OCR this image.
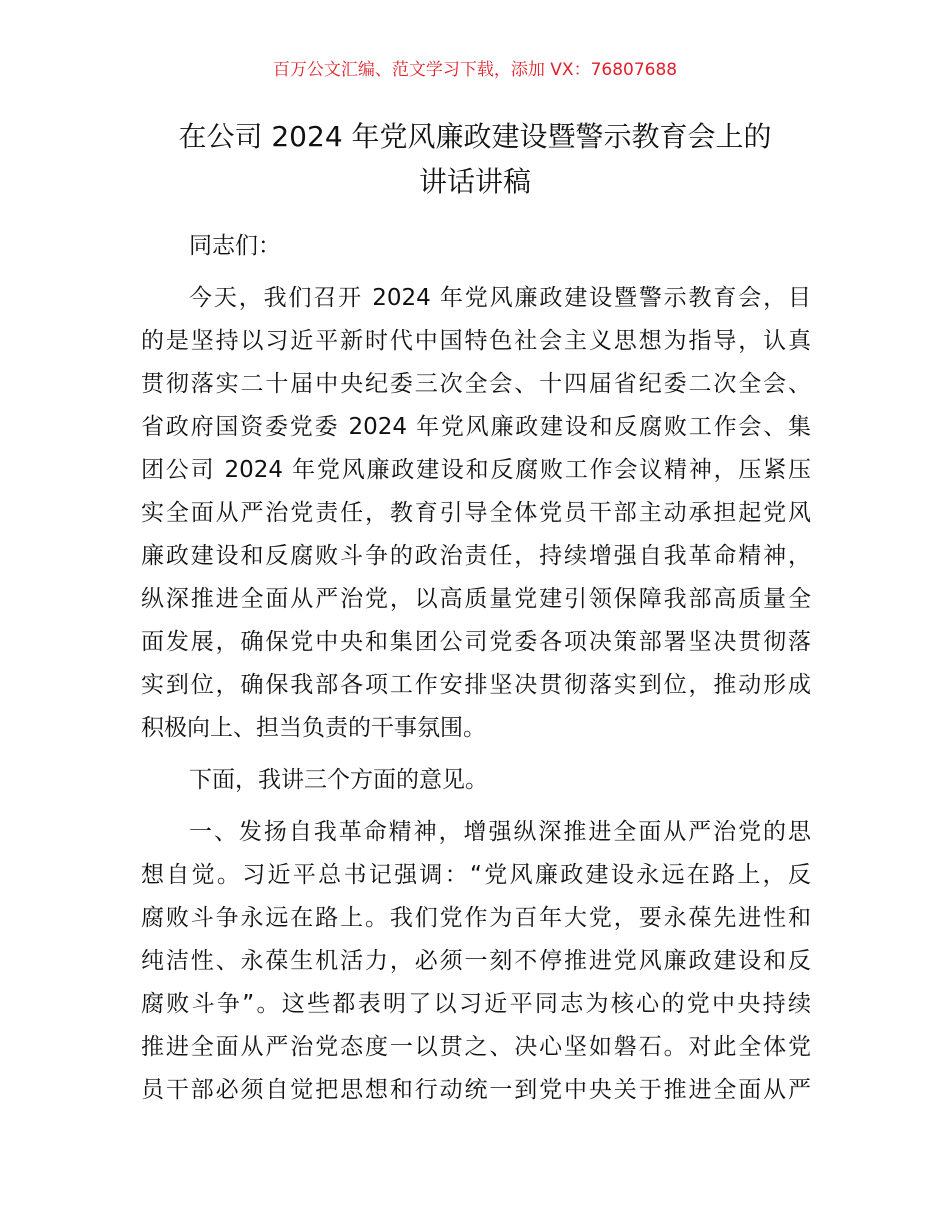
百万公文汇编、范文学习下载，添加 VX：76807688
在公司 2024 年党风廉政建设暨警示教育会上的
讲话讲稿
同志们：
今天，我们召开 2024 年党风廉政建设暨警示教育会，目
的是坚持以习近平新时代中国特色社会主义思想为指导，认真
贯彻落实二十届中央纪委三次全会、十四届省纪委二次全会、
省政府国资委党委 2024 年党风廉政建设和反腐败工作会、集
团公司 2024 年党风廉政建设和反腐败工作会议精神，压紧压
实全面从严治党责任，教育引导全体党员干部主动承担起党风
廉政建设和反腐败斗争的政治责任，持续增强自我革命精神，
纵深推进全面从严治党，以高质量党建引领保障我部高质量全
面发展，确保党中央和集团公司党委各项决策部署坚决贯彻落
实到位，确保我部各项工作安排坚决贯彻落实到位，推动形成
积极向上、担当负责的干事氛围。
下面，我讲三个方面的意见。
一、发扬自我革命精神，增强纵深推进全面从严治党的思
想自觉。习近平总书记强调：“党风廉政建设永远在路上，反
腐败斗争永远在路上。我们党作为百年大党，要永葆先进性和
纯洁性、永葆生机活力，必须一刻不停推进党风廉政建设和反
腐败斗争”。这些都表明了以习近平同志为核心的党中央持续
推进全面从严治党态度一以贯之、决心坚如磐石。对此全体党
员干部必须自觉把思想和行动统一到党中央关于推进全面从严
